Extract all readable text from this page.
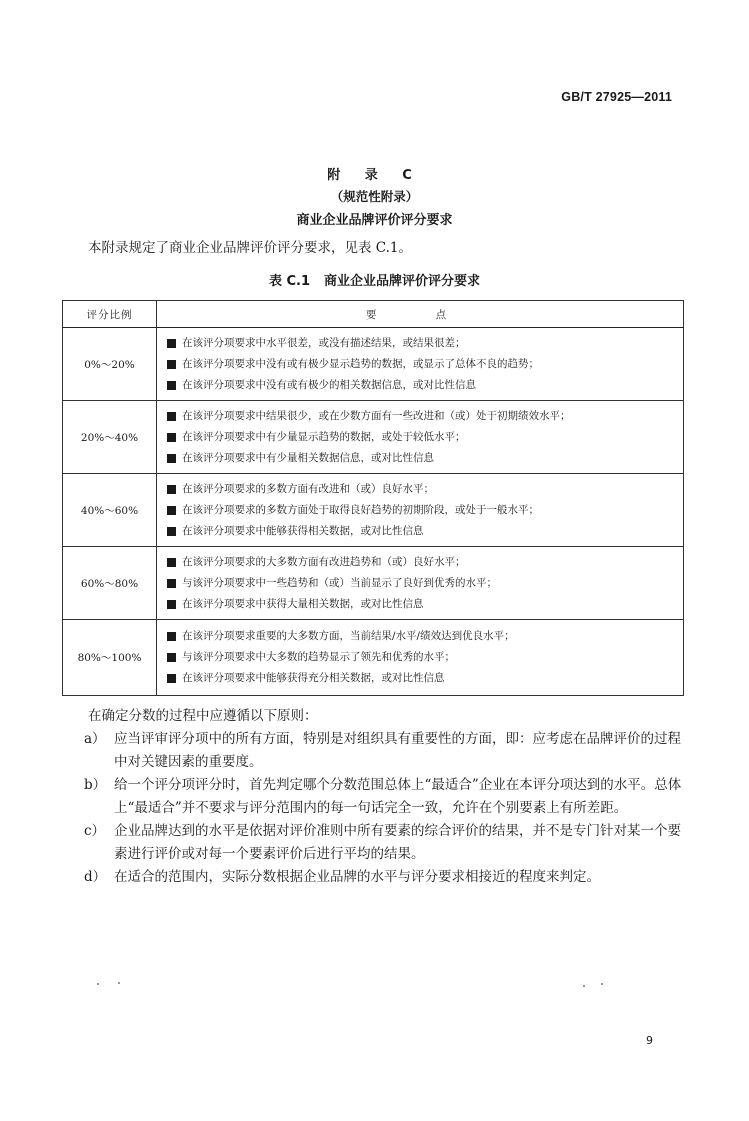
GB/T 27925—2011
附 录 C
（规范性附录）
商业企业品牌评价评分要求
本附录规定了商业企业品牌评价评分要求，见表 C.1。
表 C.1 商业企业品牌评价评分要求
评分比例	要 点
0%～20%	在该评分项要求中水平很差，或没有描述结果，或结果很差；
在该评分项要求中没有或有极少显示趋势的数据，或显示了总体不良的趋势；
在该评分项要求中没有或有极少的相关数据信息，或对比性信息

20%～40%	在该评分项要求中结果很少，或在少数方面有一些改进和（或）处于初期绩效水平；
在该评分项要求中有少量显示趋势的数据，或处于较低水平；
在该评分项要求中有少量相关数据信息，或对比性信息

40%～60%	在该评分项要求的多数方面有改进和（或）良好水平；
在该评分项要求的多数方面处于取得良好趋势的初期阶段，或处于一般水平；
在该评分项要求中能够获得相关数据，或对比性信息

60%～80%	在该评分项要求的大多数方面有改进趋势和（或）良好水平；
与该评分项要求中一些趋势和（或）当前显示了良好到优秀的水平；
在该评分项要求中获得大量相关数据，或对比性信息

80%～100%	在该评分项要求重要的大多数方面，当前结果/水平/绩效达到优良水平；
与该评分项要求中大多数的趋势显示了领先和优秀的水平；
在该评分项要求中能够获得充分相关数据，或对比性信息
在确定分数的过程中应遵循以下原则：
a） 应当评审评分项中的所有方面，特别是对组织具有重要性的方面，即：应考虑在品牌评价的过程中对关键因素的重要度。
b） 给一个评分项评分时，首先判定哪个分数范围总体上“最适合”企业在本评分项达到的水平。总体上“最适合”并不要求与评分范围内的每一句话完全一致，允许在个别要素上有所差距。
c） 企业品牌达到的水平是依据对评价准则中所有要素的综合评价的结果，并不是专门针对某一个要素进行评价或对每一个要素评价后进行平均的结果。
d） 在适合的范围内，实际分数根据企业品牌的水平与评分要求相接近的程度来判定。
9
